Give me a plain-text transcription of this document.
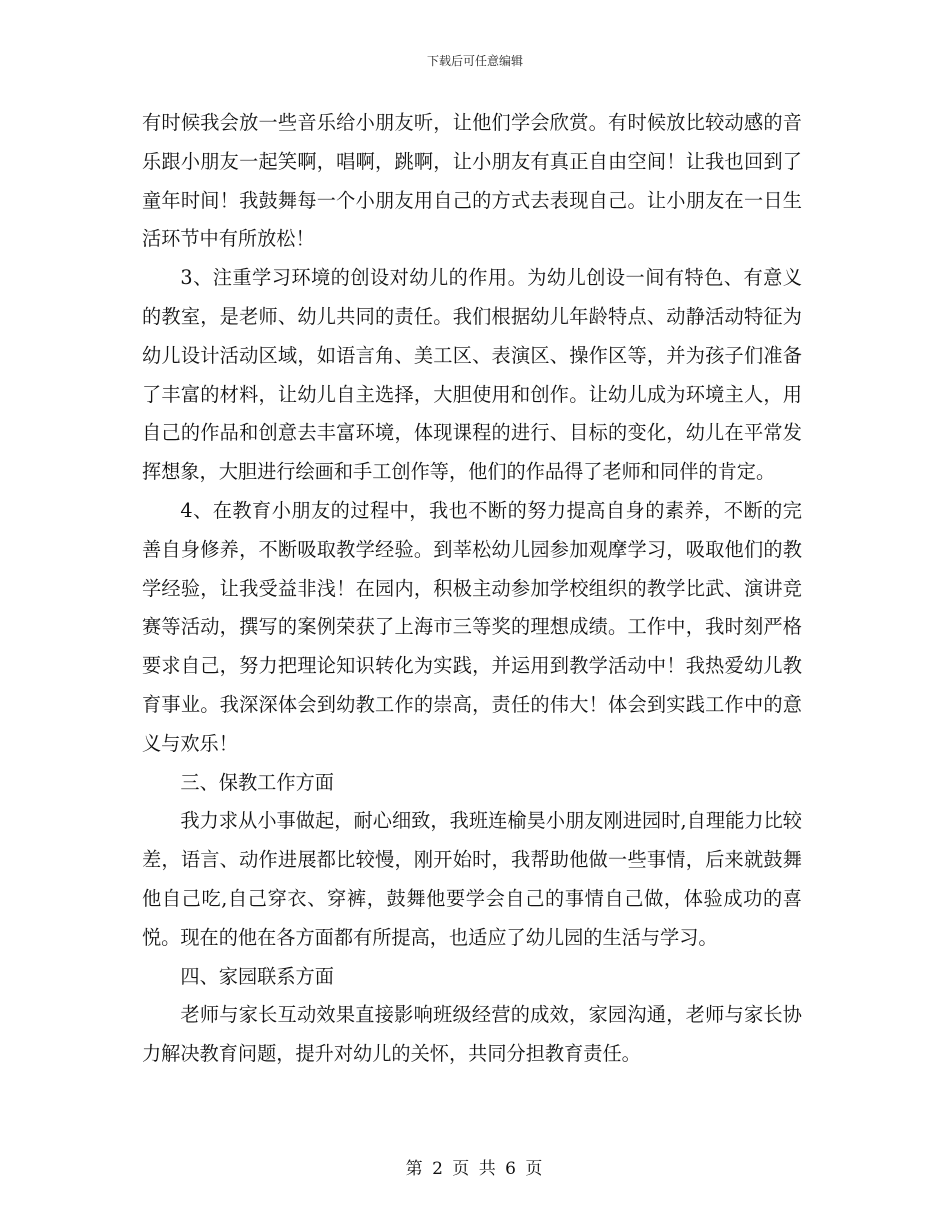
下载后可任意编辑

有时候我会放一些音乐给小朋友听，让他们学会欣赏。有时候放比较动感的音乐跟小朋友一起笑啊，唱啊，跳啊，让小朋友有真正自由空间！让我也回到了童年时间！我鼓舞每一个小朋友用自己的方式去表现自己。让小朋友在一日生活环节中有所放松！

3、注重学习环境的创设对幼儿的作用。为幼儿创设一间有特色、有意义的教室，是老师、幼儿共同的责任。我们根据幼儿年龄特点、动静活动特征为幼儿设计活动区域，如语言角、美工区、表演区、操作区等，并为孩子们准备了丰富的材料，让幼儿自主选择，大胆使用和创作。让幼儿成为环境主人，用自己的作品和创意去丰富环境，体现课程的进行、目标的变化，幼儿在平常发挥想象，大胆进行绘画和手工创作等，他们的作品得了老师和同伴的肯定。

4、在教育小朋友的过程中，我也不断的努力提高自身的素养，不断的完善自身修养，不断吸取教学经验。到莘松幼儿园参加观摩学习，吸取他们的教学经验，让我受益非浅！在园内，积极主动参加学校组织的教学比武、演讲竞赛等活动，撰写的案例荣获了上海市三等奖的理想成绩。工作中，我时刻严格要求自己，努力把理论知识转化为实践，并运用到教学活动中！我热爱幼儿教育事业。我深深体会到幼教工作的崇高，责任的伟大！体会到实践工作中的意义与欢乐！

三、保教工作方面

我力求从小事做起，耐心细致，我班连榆昊小朋友刚进园时,自理能力比较差，语言、动作进展都比较慢，刚开始时，我帮助他做一些事情，后来就鼓舞他自己吃,自己穿衣、穿裤，鼓舞他要学会自己的事情自己做，体验成功的喜悦。现在的他在各方面都有所提高，也适应了幼儿园的生活与学习。

四、家园联系方面

老师与家长互动效果直接影响班级经营的成效，家园沟通，老师与家长协力解决教育问题，提升对幼儿的关怀，共同分担教育责任。

第 2 页 共 6 页
